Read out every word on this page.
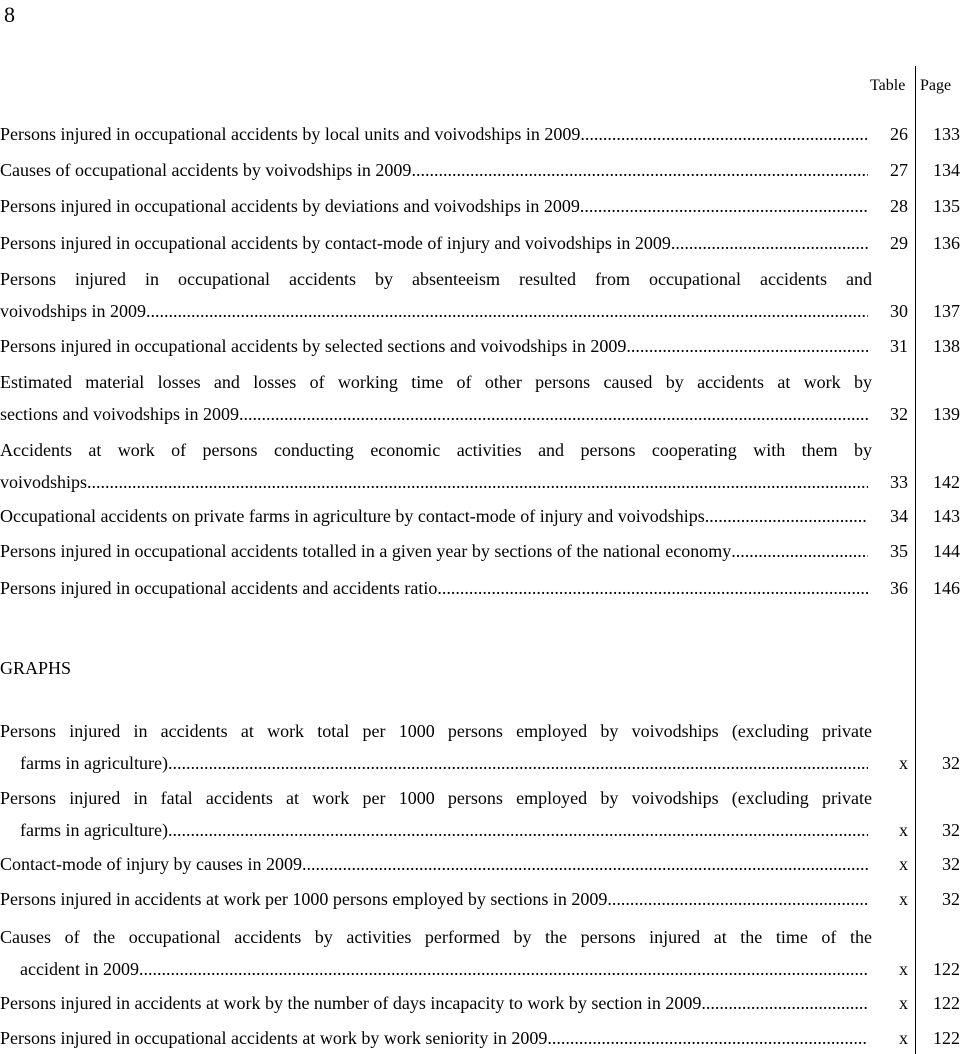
8
Table Page
Persons injured in occupational accidents by local units and voivodships in 2009 .....	26	133
Causes of occupational accidents by voivodships in 2009 .....	27	134
Persons injured in occupational accidents by deviations and voivodships in 2009 .....	28	135
Persons injured in occupational accidents by contact-mode of injury and voivodships in 2009 .....	29	136
Persons injured in occupational accidents by absenteeism resulted from occupational accidents and
voivodships in 2009 .....	30	137
Persons injured in occupational accidents by selected sections and voivodships in 2009 .....	31	138
Estimated material losses and losses of working time of other persons caused by accidents at work by
sections and voivodships in 2009 .....	32	139
Accidents at work of persons conducting economic activities and persons cooperating with them by
voivodships .....	33	142
Occupational accidents on private farms in agriculture by contact-mode of injury and voivodships .....	34	143
Persons injured in occupational accidents totalled in a given year by sections of the national economy .....	35	144
Persons injured in occupational accidents and accidents ratio .....	36	146
GRAPHS
Persons injured in accidents at work total per 1000 persons employed by voivodships (excluding private
farms in agriculture) .....	x	32
Persons injured in fatal accidents at work per 1000 persons employed by voivodships (excluding private
farms in agriculture) .....	x	32
Contact-mode of injury by causes in 2009 .....	x	32
Persons injured in accidents at work per 1000 persons employed by sections in 2009 .....	x	32
Causes of the occupational accidents by activities performed by the persons injured at the time of the
accident in 2009 .....	x	122
Persons injured in accidents at work by the number of days incapacity to work by section in 2009 .....	x	122
Persons injured in occupational accidents at work by work seniority in 2009 .....	x	122
